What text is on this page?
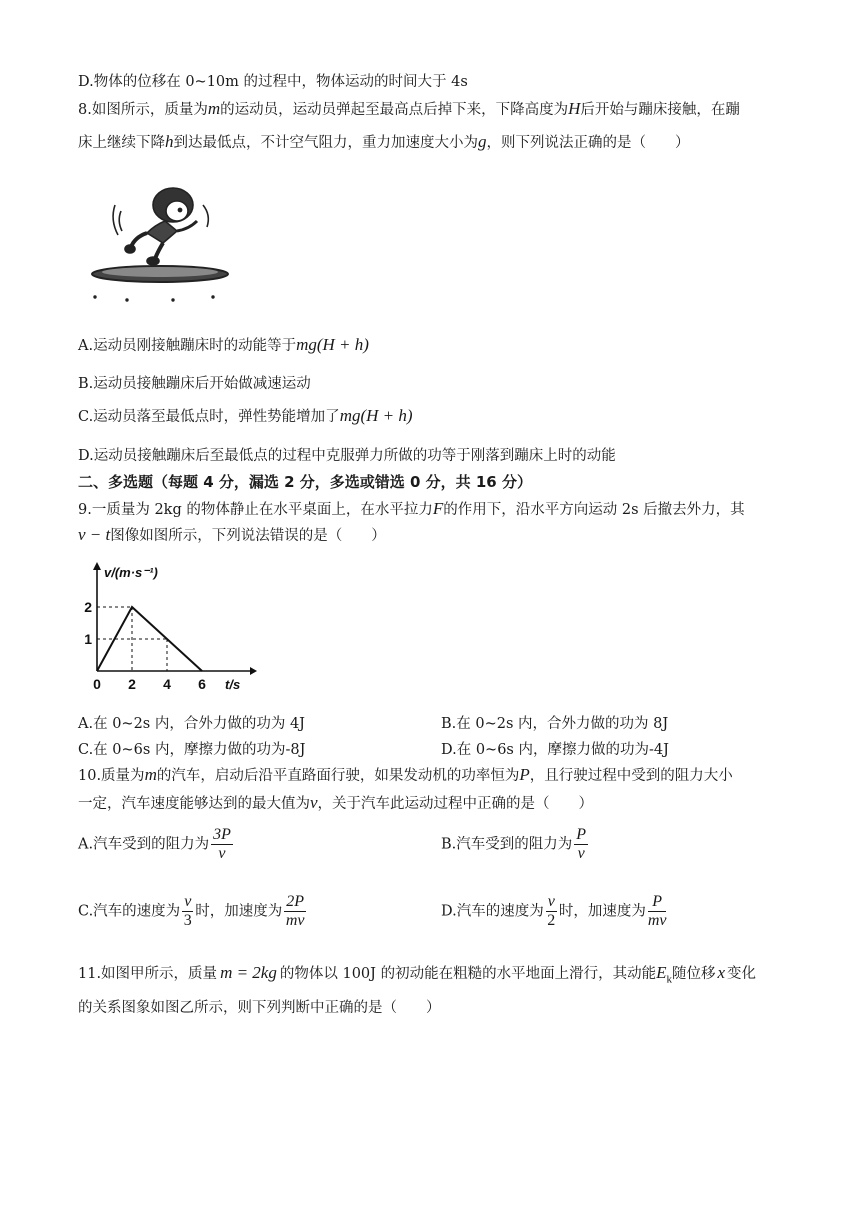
D.物体的位移在 0~10m 的过程中，物体运动的时间大于 4s
8.如图所示，质量为m的运动员，运动员弹起至最高点后掉下来，下降高度为H后开始与蹦床接触，在蹦
床上继续下降h到达最低点，不计空气阻力，重力加速度大小为g，则下列说法正确的是（　　）
A.运动员刚接触蹦床时的动能等于mg(H + h)
B.运动员接触蹦床后开始做减速运动
C.运动员落至最低点时，弹性势能增加了mg(H + h)
D.运动员接触蹦床后至最低点的过程中克服弹力所做的功等于刚落到蹦床上时的动能
二、多选题（每题 4 分，漏选 2 分，多选或错选 0 分，共 16 分）
9.一质量为 2kg 的物体静止在水平桌面上，在水平拉力F的作用下，沿水平方向运动 2s 后撤去外力，其
v − t图像如图所示，下列说法错误的是（　　）
0 2 4 6
1
2
v/(m·s⁻¹)
t/s
A.在 0~2s 内，合外力做的功为 4J	B.在 0~2s 内，合外力做的功为 8J
C.在 0~6s 内，摩擦力做的功为-8J	D.在 0~6s 内，摩擦力做的功为-4J
10.质量为m的汽车，启动后沿平直路面行驶，如果发动机的功率恒为P，且行驶过程中受到的阻力大小
一定，汽车速度能够达到的最大值为v，关于汽车此运动过程中正确的是（　　）
A.汽车受到的阻力为 $\frac{3P}{v}$	B.汽车受到的阻力为 $\frac{P}{v}$
C.汽车的速度为 $\frac{v}{3}$ 时，加速度为 $\frac{2P}{mv}$	D.汽车的速度为 $\frac{v}{2}$ 时，加速度为 $\frac{P}{mv}$
11.如图甲所示，质量 m = 2kg 的物体以 100J 的初动能在粗糙的水平地面上滑行，其动能$E_k$随位移 x 变化
的关系图象如图乙所示，则下列判断中正确的是（　　）
